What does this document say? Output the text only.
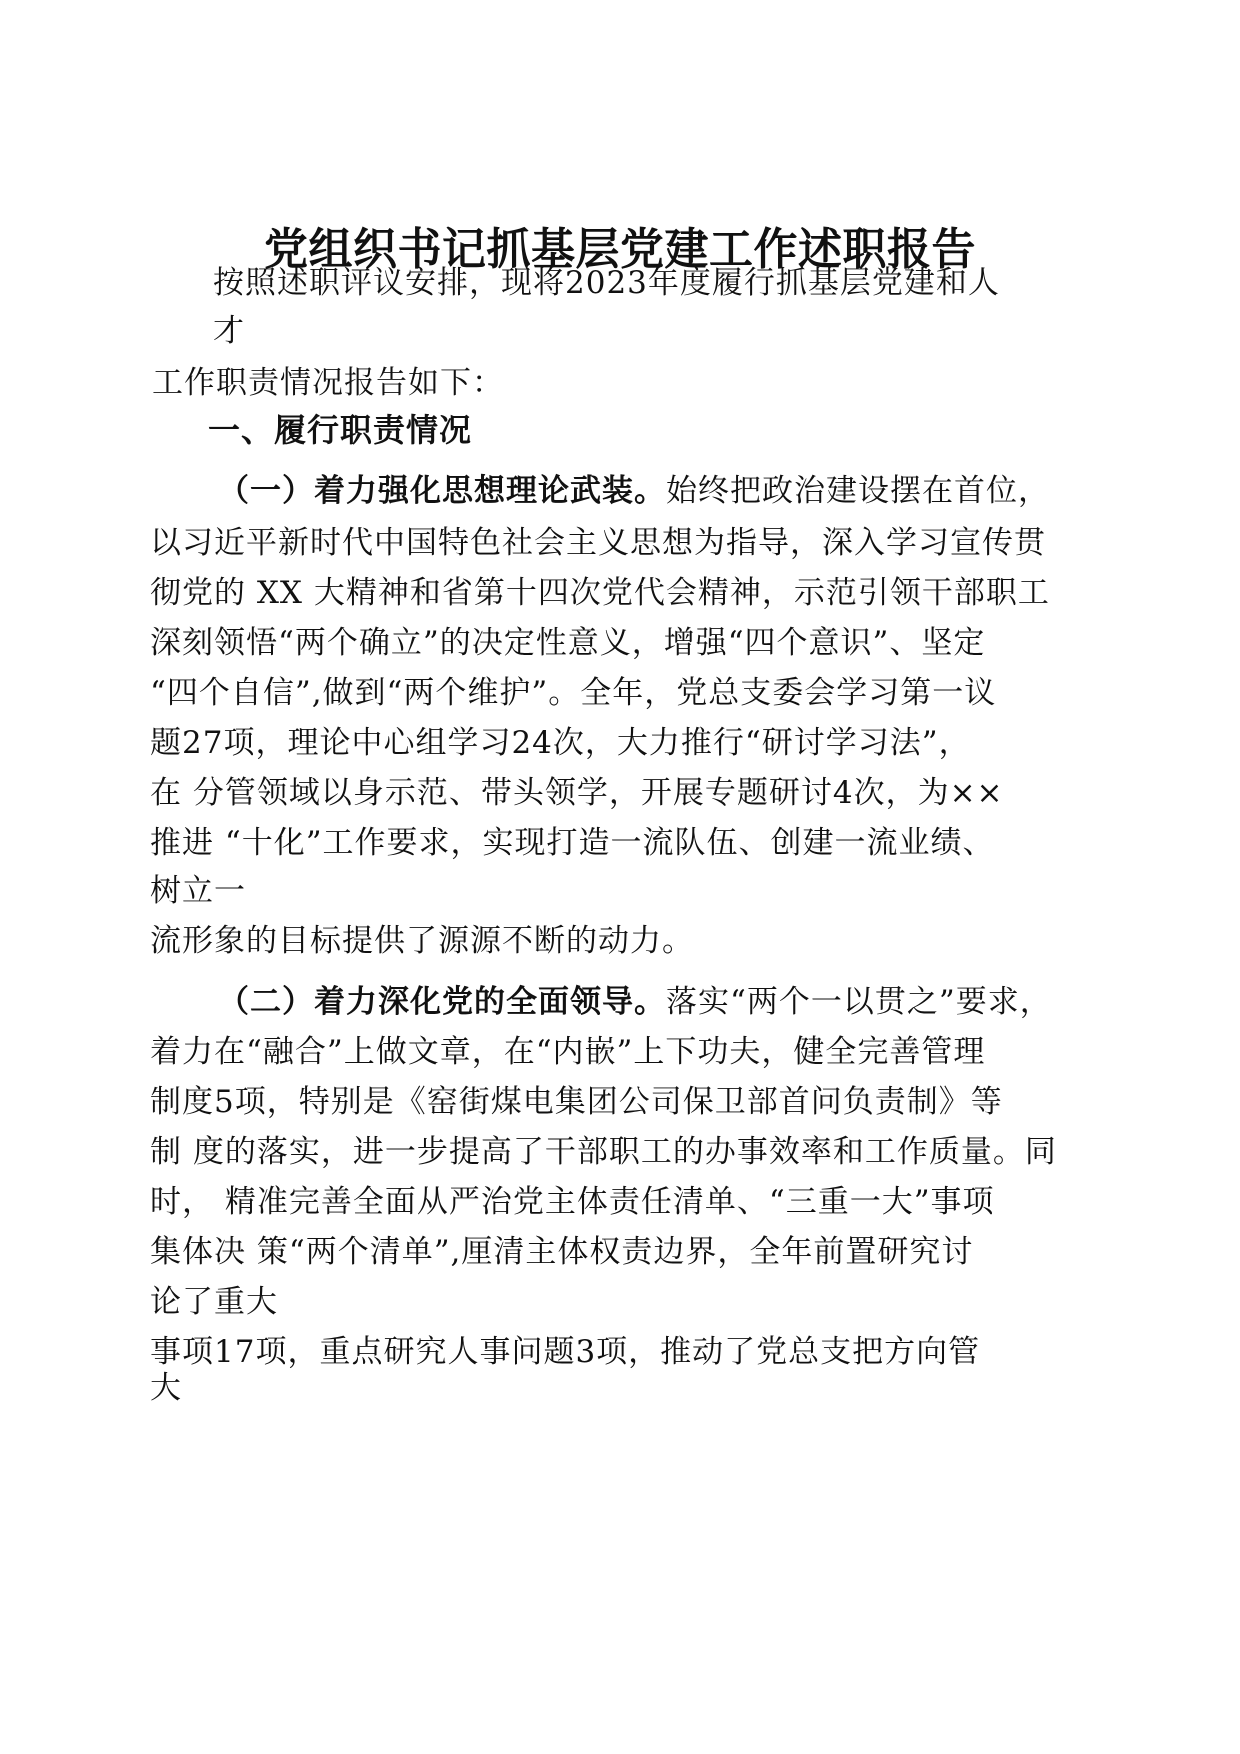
党组织书记抓基层党建工作述职报告

按照述职评议安排，现将2023年度履行抓基层党建和人

才

工作职责情况报告如下：

一、履行职责情况

（一）着力强化思想理论武装。始终把政治建设摆在首位，

以习近平新时代中国特色社会主义思想为指导，深入学习宣传贯

彻党的 XX 大精神和省第十四次党代会精神，示范引领干部职工

深刻领悟“两个确立”的决定性意义，增强“四个意识”、坚定

“四个自信”,做到“两个维护”。全年，党总支委会学习第一议

题27项，理论中心组学习24次，大力推行“研讨学习法”，

在 分管领域以身示范、带头领学，开展专题研讨4次，为××

推进 “十化”工作要求，实现打造一流队伍、创建一流业绩、

树立一

流形象的目标提供了源源不断的动力。

（二）着力深化党的全面领导。落实“两个一以贯之”要求，

着力在“融合”上做文章，在“内嵌”上下功夫，健全完善管理

制度5项，特别是《窑街煤电集团公司保卫部首问负责制》等

制 度的落实，进一步提高了干部职工的办事效率和工作质量。同

时， 精准完善全面从严治党主体责任清单、“三重一大”事项

集体决 策“两个清单”,厘清主体权责边界，全年前置研究讨

论了重大

事项17项，重点研究人事问题3项，推动了党总支把方向管

大
